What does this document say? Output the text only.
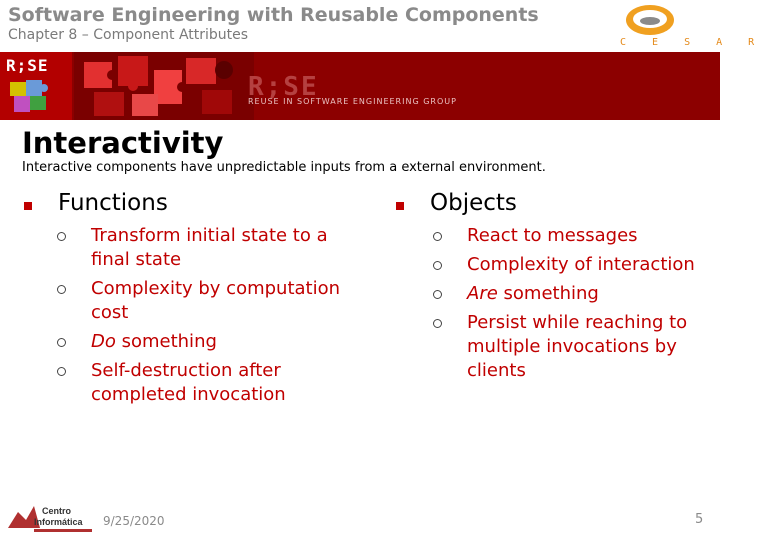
Software Engineering with Reusable Components
Chapter 8 – Component Attributes	C E S A R
R;SE
R;SE
REUSE IN SOFTWARE ENGINEERING GROUP
Interactivity
Interactive components have unpredictable inputs from a external environment.
Functions
Transform initial state to a final state
Complexity by computation cost
Do something
Self-destruction after completed invocation
Objects
React to messages
Complexity of interaction
Are something
Persist while reaching to multiple invocations by clients
Centro
Informática 9/25/2020	5
